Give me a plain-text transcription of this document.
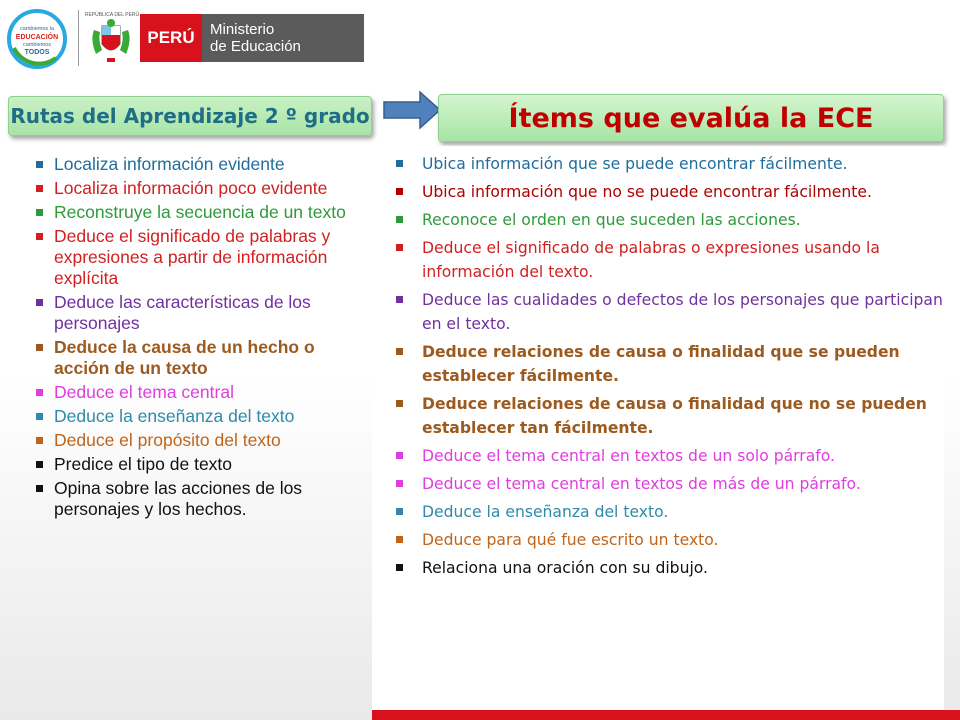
cambiemos la
EDUCACIÓN
cambiemos
TODOS
REPÚBLICA DEL PERÚ
PERÚ	Ministerio
de Educación
Rutas del Aprendizaje 2 º grado	Ítems que evalúa la ECE
Localiza información evidente
Localiza información poco evidente
Reconstruye la secuencia de un texto
Deduce el significado de palabras y expresiones a partir de información explícita
Deduce las características de los personajes
Deduce la causa de un hecho o acción de un texto
Deduce el tema central
Deduce la enseñanza del texto
Deduce el propósito del texto
Predice el tipo de texto
Opina sobre las acciones de los personajes y los hechos.
Ubica información que se puede encontrar fácilmente.
Ubica información que no se puede encontrar fácilmente.
Reconoce el orden en que suceden las acciones.
Deduce el significado de palabras o expresiones usando la información del texto.
Deduce las cualidades o defectos de los personajes que participan en el texto.
Deduce relaciones de causa o finalidad que se pueden establecer fácilmente.
Deduce relaciones de causa o finalidad que no se pueden establecer tan fácilmente.
Deduce el tema central en textos de un solo párrafo.
Deduce el tema central en textos de más de un párrafo.
Deduce la enseñanza del texto.
Deduce para qué fue escrito un texto.
Relaciona una oración con su dibujo.
